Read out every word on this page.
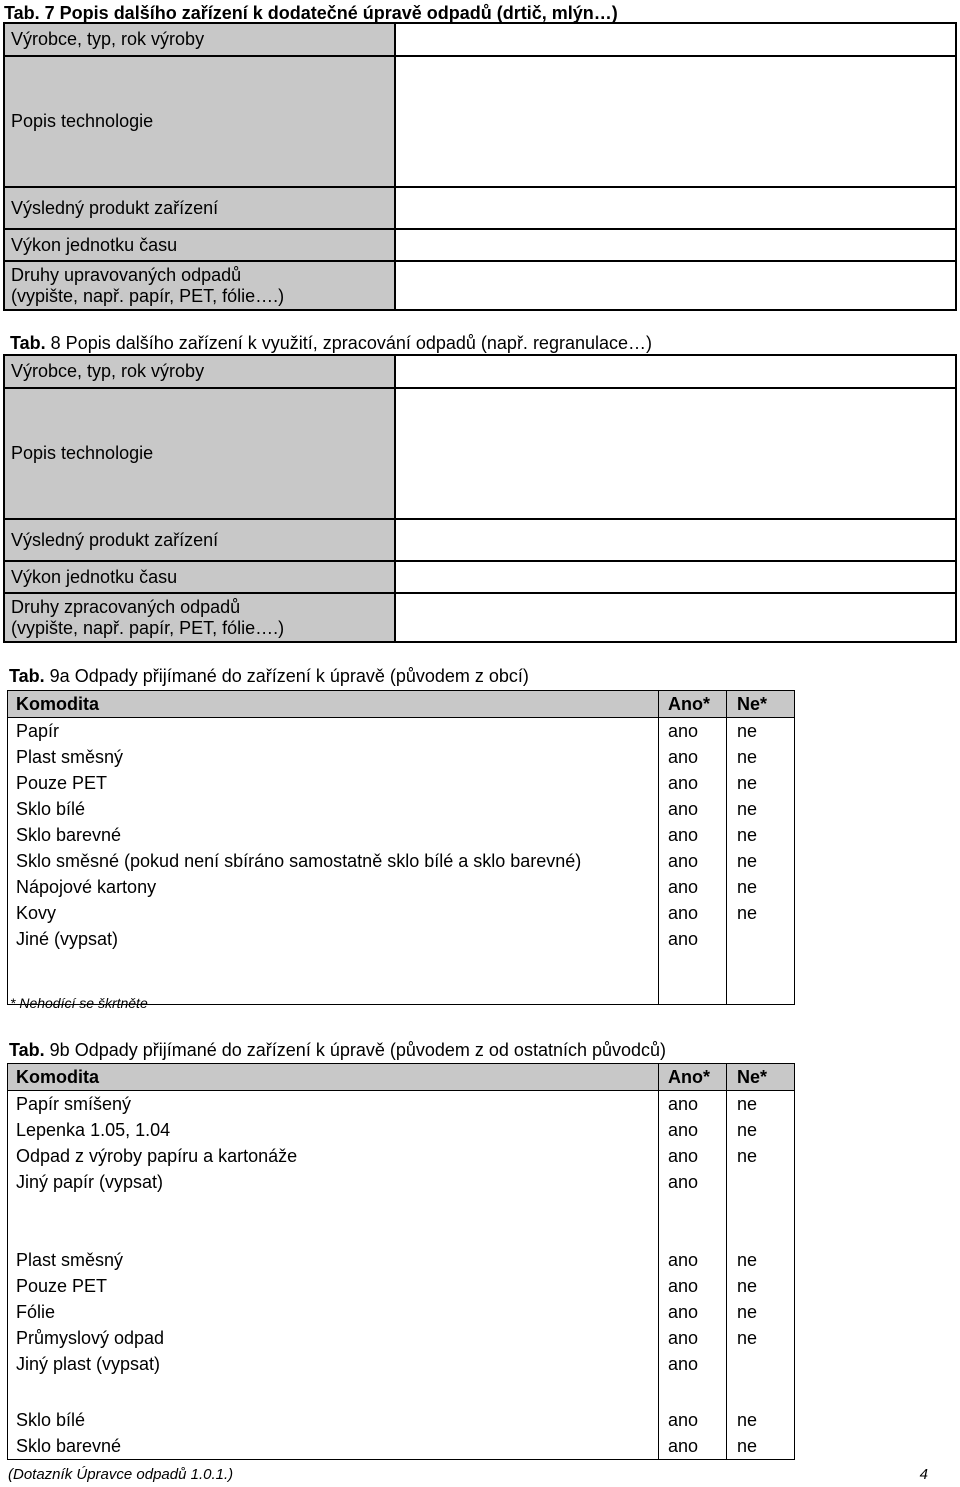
Tab. 7 Popis dalšího zařízení k dodatečné úpravě odpadů (drtič, mlýn…)
Výrobce, typ, rok výroby	
Popis technologie	
Výsledný produkt zařízení	
Výkon jednotku času	
Druhy upravovaných odpadů
(vypište, např. papír, PET, fólie….)	
Tab. 8 Popis dalšího zařízení k využití, zpracování odpadů (např. regranulace…)
Výrobce, typ, rok výroby	
Popis technologie	
Výsledný produkt zařízení	
Výkon jednotku času	
Druhy zpracovaných odpadů
(vypište, např. papír, PET, fólie….)	
Tab. 9a Odpady přijímané do zařízení k úpravě (původem z obcí)
Komodita	Ano*	Ne*
Papír	ano	ne
Plast směsný	ano	ne
Pouze PET	ano	ne
Sklo bílé	ano	ne
Sklo barevné	ano	ne
Sklo směsné (pokud není sbíráno samostatně sklo bílé a sklo barevné)	ano	ne
Nápojové kartony	ano	ne
Kovy	ano	ne
Jiné (vypsat)	ano	

* Nehodící se škrtněte
Tab. 9b Odpady přijímané do zařízení k úpravě (původem z od ostatních původců)
Komodita	Ano*	Ne*
Papír smíšený	ano	ne
Lepenka 1.05, 1.04	ano	ne
Odpad z výroby papíru a kartonáže	ano	ne
Jiný papír (vypsat)	ano	

Plast směsný	ano	ne
Pouze PET	ano	ne
Fólie	ano	ne
Průmyslový odpad	ano	ne
Jiný plast (vypsat)	ano	

Sklo bílé	ano	ne
Sklo barevné	ano	ne
(Dotazník Úpravce odpadů 1.0.1.)	4
